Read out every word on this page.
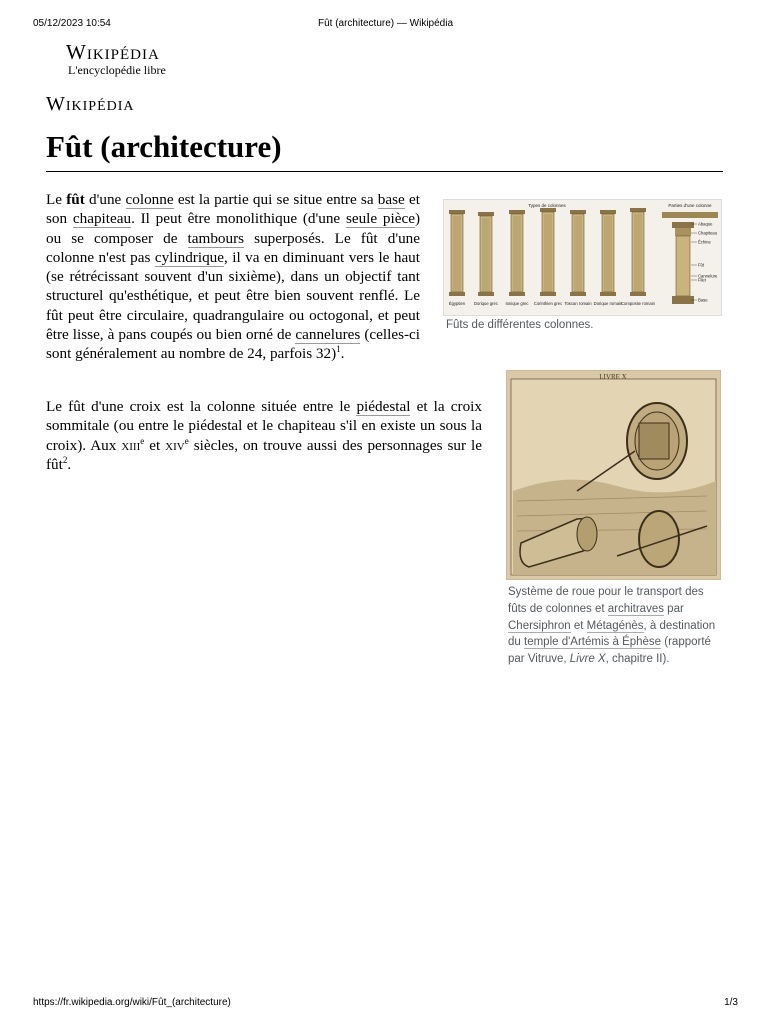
05/12/2023 10:54	Fût (architecture) — Wikipédia
Wikipédia
L'encyclopédie libre
Wikipédia
Fût (architecture)

Le fût d'une colonne est la partie qui se situe entre sa base et son chapiteau. Il peut être monolithique (d'une seule pièce) ou se composer de tambours superposés. Le fût d'une colonne n'est pas cylindrique, il va en diminuant vers le haut (se rétrécissant souvent d'un sixième), dans un objectif tant structurel qu'esthétique, et peut être bien souvent renflé. Le fût peut être circulaire, quadrangulaire ou octogonal, et peut être lisse, à pans coupés ou bien orné de cannelures (celles-ci sont généralement au nombre de 24, parfois 32)$^1$.

Types de colonnes	Parties d'une colonne
Égyptien Dorique grec Ionique grec Corinthien grec Toscan romain Dorique romain
Composite romain
Abaque
Chapiteau
Échine
Fût
Cannelure
Filet
Base
Fûts de différentes colonnes.

Le fût d'une croix est la colonne située entre le piédestal et la croix sommitale (ou entre le piédestal et le chapiteau s'il en existe un sous la croix). Aux xiii$^e$ et xiv$^e$ siècles, on trouve aussi des personnages sur le fût$^2$.

LIVRE X
Système de roue pour le transport des fûts de colonnes et architraves par Chersiphron et Métagénès, à destination du temple d'Artémis à Éphèse (rapporté par Vitruve, Livre X, chapitre II).
https://fr.wikipedia.org/wiki/Fût_(architecture)	1/3
